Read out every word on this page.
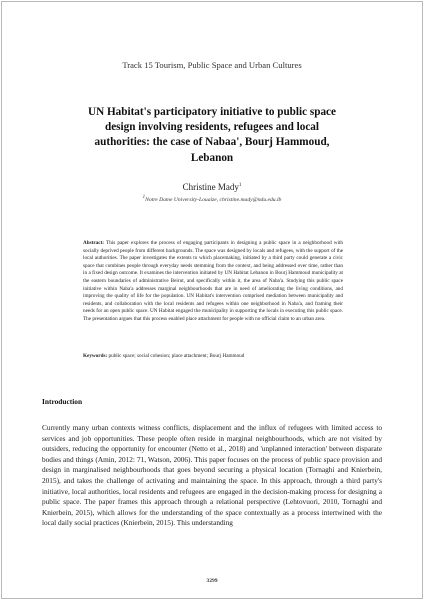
Track 15 Tourism, Public Space and Urban Cultures
UN Habitat's participatory initiative to public space design involving residents, refugees and local authorities: the case of Nabaa', Bourj Hammoud, Lebanon
Christine Mady$^1$
$^1$Notre Dame University-Louaize, christine.mady@ndu.edu.lb

Abstract: This paper explores the process of engaging participants in designing a public space in a neighborhood with socially deprived people from different backgrounds. The space was designed by locals and refugees, with the support of the local authorities. The paper investigates the extents to which placemaking, initiated by a third party could generate a civic space that combines people through everyday needs stemming from the context, and being addressed over time, rather than in a fixed design outcome. It examines the intervention initiated by UN Habitat Lebanon in Bourj Hammoud municipality at the eastern boundaries of administrative Beirut, and specifically within it, the area of Naba'a. Studying this public space initiative within Naba'a addresses marginal neighbourhoods that are in need of ameliorating the living conditions, and improving the quality of life for the population. UN Habitat's intervention comprised mediation between municipality and residents, and collaboration with the local residents and refugees within one neighborhood in Naba'a, and framing their needs for an open public space. UN Habitat engaged the municipality in supporting the locals in executing this public space. The presentation argues that this process enabled place attachment for people with no official claim to an urban area.

Keywords: public space; social cohesion; place attachment; Bourj Hammoud

Introduction

Currently many urban contexts witness conflicts, displacement and the influx of refugees with limited access to services and job opportunities. These people often reside in marginal neighbourhoods, which are not visited by outsiders, reducing the opportunity for encounter (Netto et al., 2018) and 'unplanned interaction' between disparate bodies and things (Amin, 2012: 71, Watson, 2006). This paper focuses on the process of public space provision and design in marginalised neighbourhoods that goes beyond securing a physical location (Tornaghi and Knierbein, 2015), and takes the challenge of activating and maintaining the space. In this approach, through a third party's initiative, local authorities, local residents and refugees are engaged in the decision-making process for designing a public space. The paper frames this approach through a relational perspective (Lehtovuori, 2010, Tornaghi and Knierbein, 2015), which allows for the understanding of the space contextually as a process intertwined with the local daily social practices (Knierbein, 2015). This understanding

3299
